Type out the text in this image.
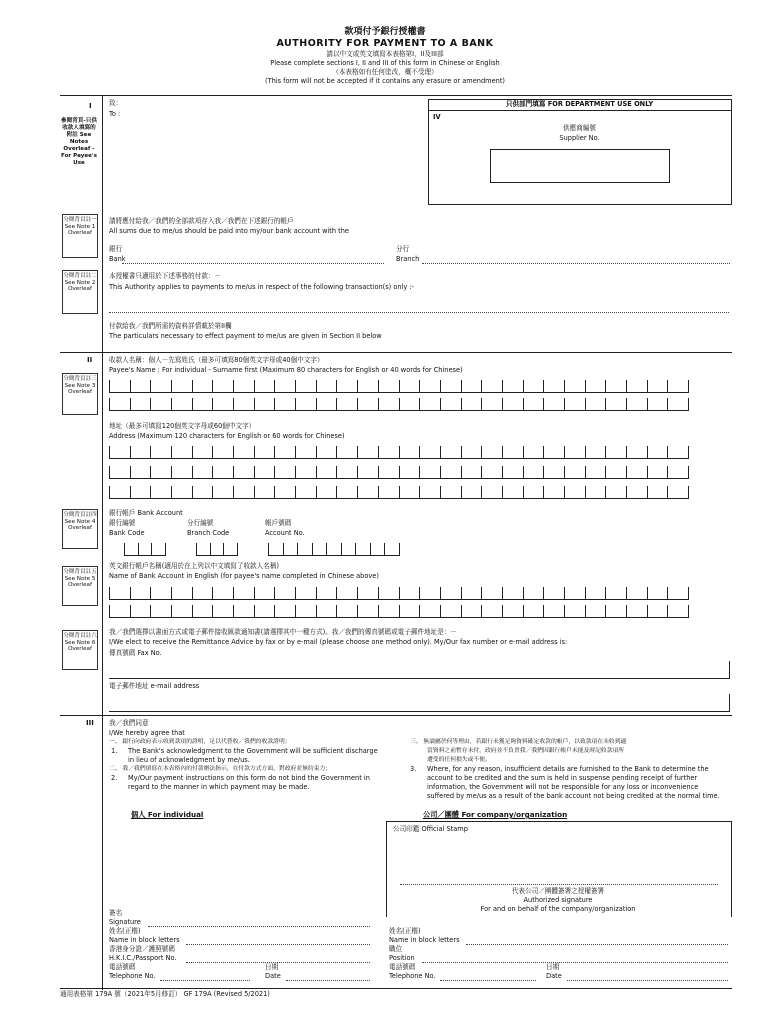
款項付予銀行授權書
AUTHORITY FOR PAYMENT TO A BANK
請以中文或英文填寫本表格第I，II及III部
Please complete sections I, II and III of this form in Chinese or English
（本表格如有任何塗改，概不受理）
(This form will not be accepted if it contains any erasure or amendment)
I
參閱背頁-只供收款人填寫的附註 See Notes Overleaf - For Payee's Use
致：
To :
分閱背頁註一 See Note 1 Overleaf
請將應付給我／我們的全部款項存入我／我們在下述銀行的帳戶
All sums due to me/us should be paid into my/our bank account with the
銀行
Bank
分行
Branch
分閱背頁註二 See Note 2 Overleaf
本授權書只適用於下述事務的付款：－
This Authority applies to payments to me/us in respect of the following transaction(s) only :-
付款給我／我們所需的資料詳情載於第II欄
The particulars necessary to effect payment to me/us are given in Section II below
只供部門填寫 FOR DEPARTMENT USE ONLY
IV
供應商編號
Supplier No.
II
分閱背頁註三 See Note 3 Overleaf
收款人名稱：個人－先寫姓氏（最多可填寫80個英文字母或40個中文字）
Payee's Name : For individual - Surname first (Maximum 80 characters for English or 40 words for Chinese)
地址（最多可填寫120個英文字母或60個中文字）
Address (Maximum 120 characters for English or 60 words for Chinese)
分閱背頁註四 See Note 4 Overleaf
銀行帳戶 Bank Account
銀行編號
Bank Code
分行編號
Branch Code
帳戶號碼
Account No.
分閱背頁註五 See Note 5 Overleaf
英文銀行帳戶名稱(適用於在上列以中文填寫了收款人名稱)
Name of Bank Account in English (for payee's name completed in Chinese above)
分閱背頁註六 See Note 6 Overleaf
我／我們選擇以書面方式或電子郵件接收匯款通知書(請選擇其中一種方式)。我／我們的傳真號碼或電子郵件地址是：－
I/We elect to receive the Remittance Advice by fax or by e-mail (please choose one method only). My/Our fax number or e-mail address is:
傳真號碼 Fax No.
電子郵件地址 e-mail address
III 我／我們同意
I/We hereby agree that
一、 銀行向政府表示收到款項的證明，足以代替收／我們的收款證明；
1. The Bank's acknowledgment to the Government will be sufficient discharge
in lieu of acknowledgment by me/us.
二、 我／我們填寫在本表格內的付款辦法指示，在付款方式方面，對政府並無約束力；
2. My/Our payment instructions on this form do not bind the Government in
regard to the manner in which payment may be made.
三、 無論屬於何等理由，若銀行未獲足夠資料確定收款的帳戶，以致款項在未收到適
當資料之前暫存未付，政府並不負責我／我們因銀行帳戶未能及時記收款項所
遭受的任何損失或不便。
3. Where, for any reason, insufficient details are furnished to the Bank to determine the
account to be credited and the sum is held in suspense pending receipt of further
information, the Government will not be responsible for any loss or inconvenience
suffered by me/us as a result of the bank account not being credited at the normal time.
個人 For individual	公司／團體 For company/organization
公司印鑑 Official Stamp
代表公司／團體簽署之授權簽署
Authorized signature
For and on behalf of the company/organization
簽名
Signature
姓名(正楷)
Name in block letters
香港身分證／護照號碼
H.K.I.C./Passport No.
電話號碼
Telephone No.
日期
Date
姓名(正楷)
Name in block letters
職位
Position
電話號碼
Telephone No.
日期
Date
通用表格第 179A 號（2021年5月修訂） GF 179A (Revised 5/2021)
